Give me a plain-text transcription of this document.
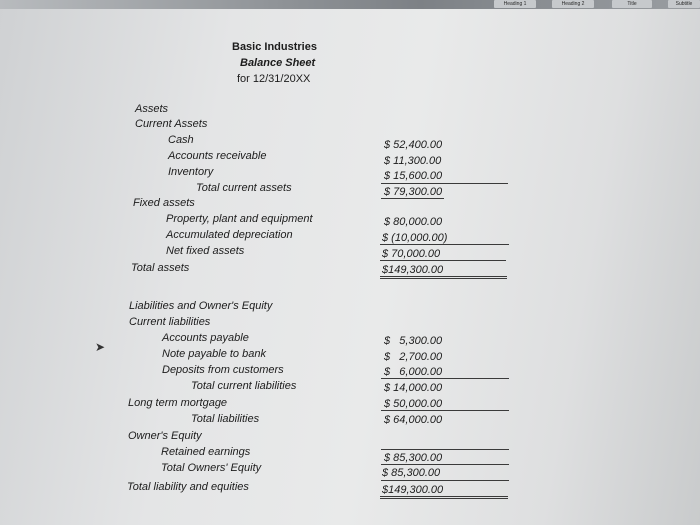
Heading 1	Heading 2	Title	Subtitle
Basic Industries
Balance Sheet
for 12/31/20XX
Assets
Current Assets
Cash	$ 52,400.00
Accounts receivable	$ 11,300.00
Inventory	$ 15,600.00
Total current assets	$ 79,300.00
Fixed assets
Property, plant and equipment	$ 80,000.00
Accumulated depreciation	$ (10,000.00)
Net fixed assets	$ 70,000.00
Total assets	$149,300.00
Liabilities and Owner's Equity
Current liabilities
Accounts payable	$   5,300.00
Note payable to bank	$   2,700.00
Deposits from customers	$   6,000.00
Total current liabilities	$ 14,000.00
Long term mortgage	$ 50,000.00
Total liabilities	$ 64,000.00
Owner's Equity
Retained earnings	$ 85,300.00
Total Owners' Equity	$ 85,300.00
Total liability and equities	$149,300.00
➤
